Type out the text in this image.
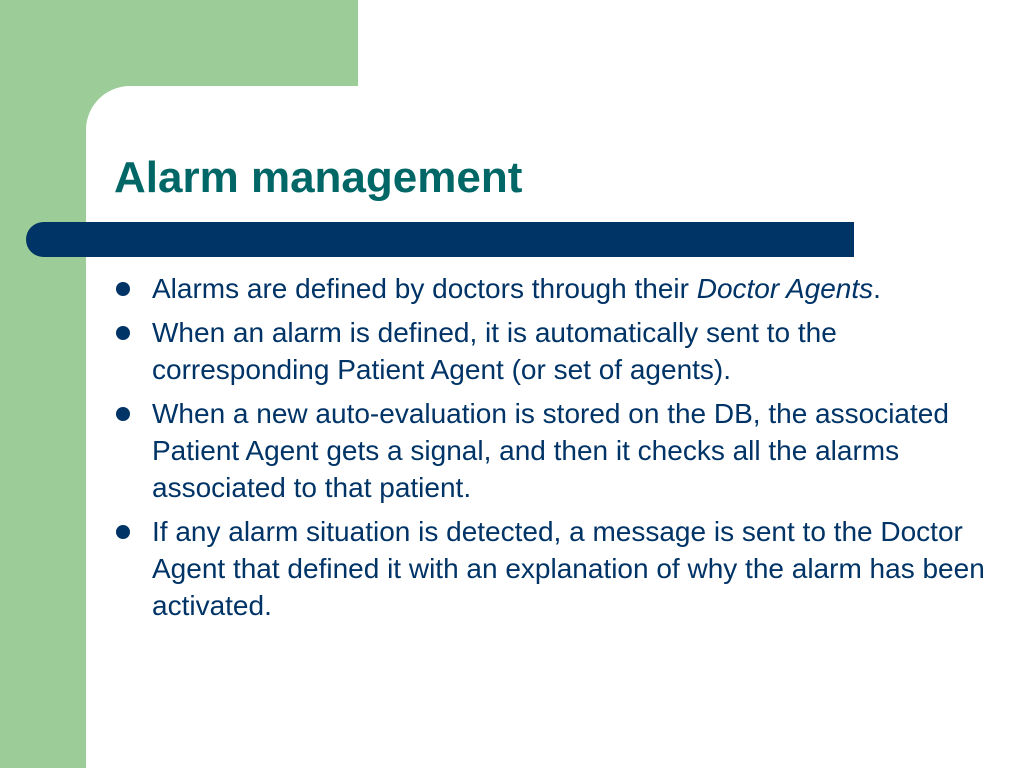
Alarm management
Alarms are defined by doctors through their Doctor Agents.
When an alarm is defined, it is automatically sent to the corresponding Patient Agent (or set of agents).
When a new auto-evaluation is stored on the DB, the associated Patient Agent gets a signal, and then it checks all the alarms associated to that patient.
If any alarm situation is detected, a message is sent to the Doctor Agent that defined it with an explanation of why the alarm has been activated.
